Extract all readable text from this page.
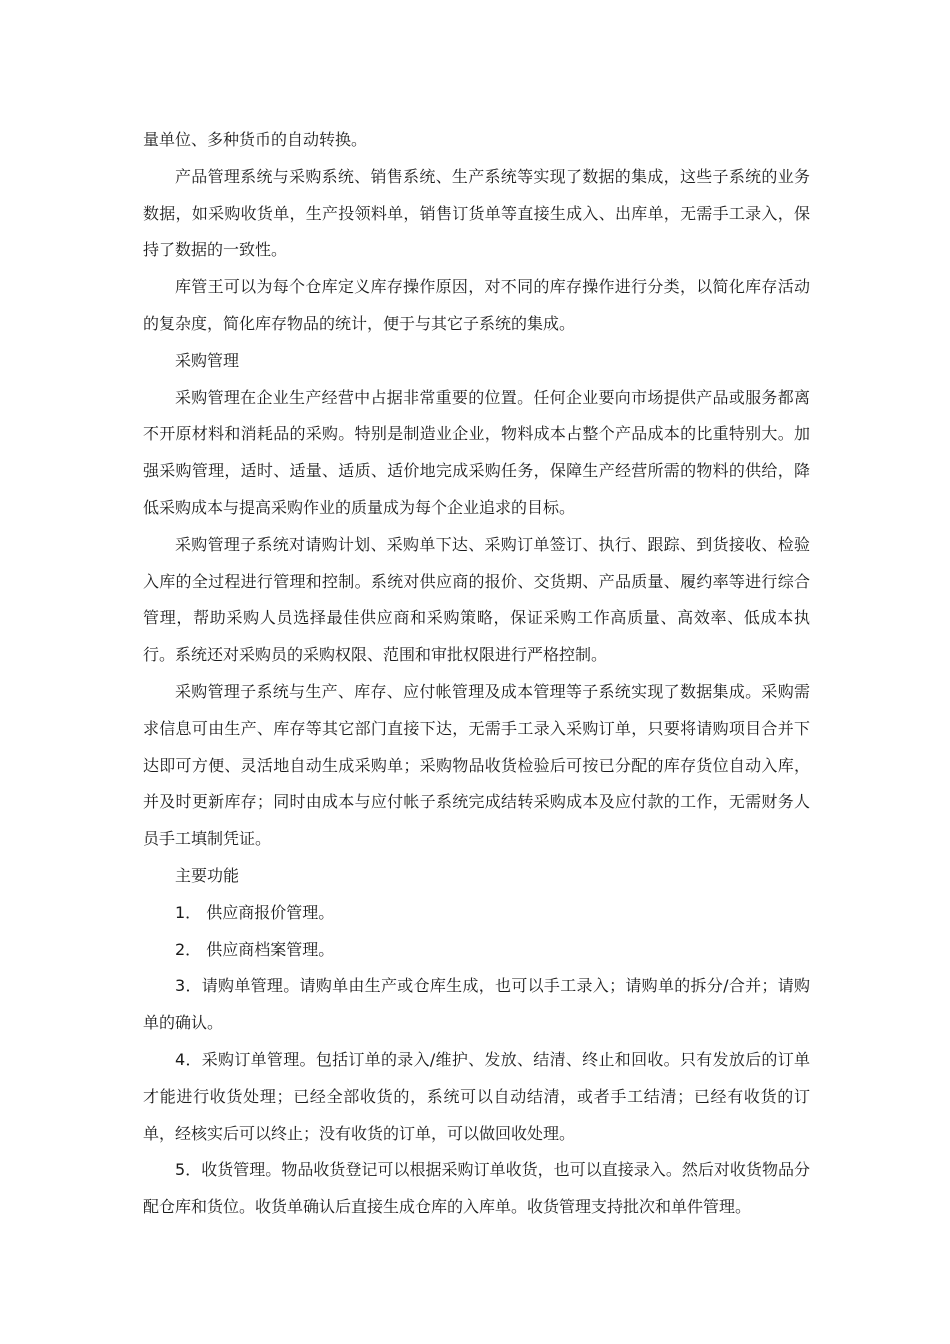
量单位、多种货币的自动转换。

产品管理系统与采购系统、销售系统、生产系统等实现了数据的集成，这些子系统的业务数据，如采购收货单，生产投领料单，销售订货单等直接生成入、出库单，无需手工录入，保持了数据的一致性。

库管王可以为每个仓库定义库存操作原因，对不同的库存操作进行分类，以简化库存活动的复杂度，简化库存物品的统计，便于与其它子系统的集成。

采购管理

采购管理在企业生产经营中占据非常重要的位置。任何企业要向市场提供产品或服务都离不开原材料和消耗品的采购。特别是制造业企业，物料成本占整个产品成本的比重特别大。加强采购管理，适时、适量、适质、适价地完成采购任务，保障生产经营所需的物料的供给，降低采购成本与提高采购作业的质量成为每个企业追求的目标。

采购管理子系统对请购计划、采购单下达、采购订单签订、执行、跟踪、到货接收、检验入库的全过程进行管理和控制。系统对供应商的报价、交货期、产品质量、履约率等进行综合管理，帮助采购人员选择最佳供应商和采购策略，保证采购工作高质量、高效率、低成本执行。系统还对采购员的采购权限、范围和审批权限进行严格控制。

采购管理子系统与生产、库存、应付帐管理及成本管理等子系统实现了数据集成。采购需求信息可由生产、库存等其它部门直接下达，无需手工录入采购订单，只要将请购项目合并下达即可方便、灵活地自动生成采购单；采购物品收货检验后可按已分配的库存货位自动入库，并及时更新库存；同时由成本与应付帐子系统完成结转采购成本及应付款的工作，无需财务人员手工填制凭证。

主要功能

1． 供应商报价管理。

2． 供应商档案管理。

3．请购单管理。请购单由生产或仓库生成，也可以手工录入；请购单的拆分/合并；请购单的确认。

4．采购订单管理。包括订单的录入/维护、发放、结清、终止和回收。只有发放后的订单才能进行收货处理；已经全部收货的，系统可以自动结清，或者手工结清；已经有收货的订单，经核实后可以终止；没有收货的订单，可以做回收处理。

5．收货管理。物品收货登记可以根据采购订单收货，也可以直接录入。然后对收货物品分配仓库和货位。收货单确认后直接生成仓库的入库单。收货管理支持批次和单件管理。
